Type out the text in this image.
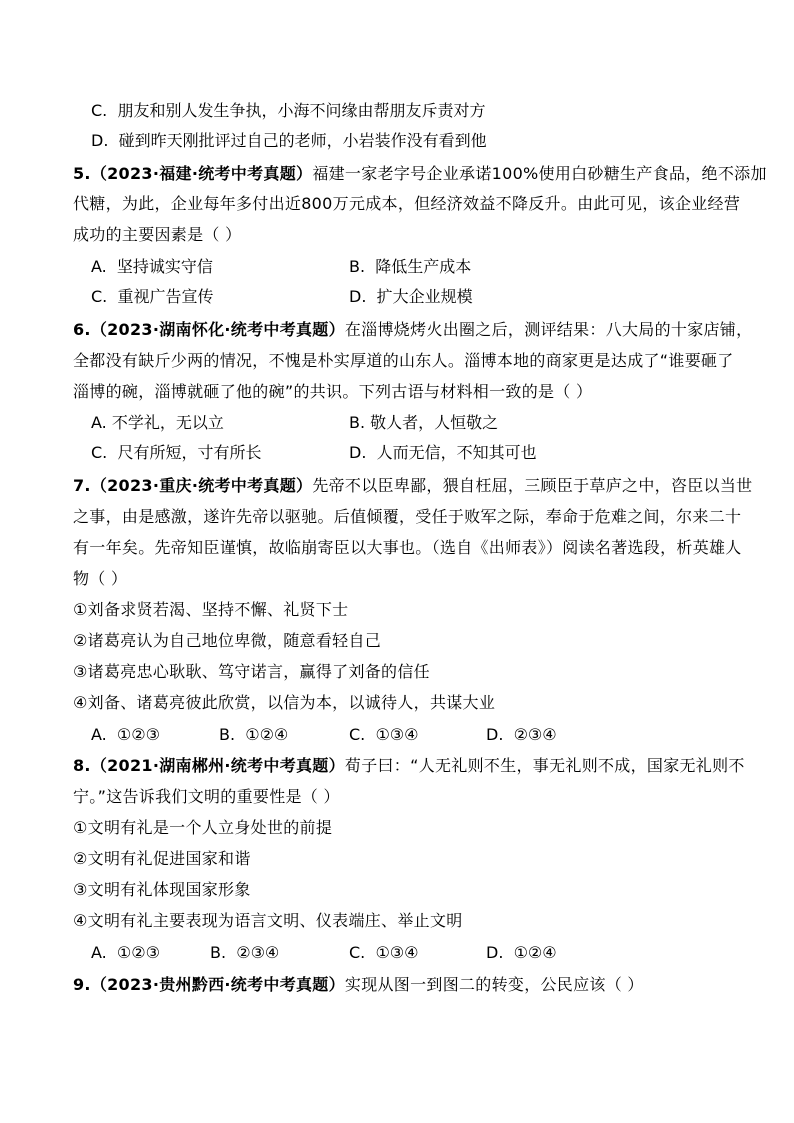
C. 朋友和别人发生争执，小海不问缘由帮朋友斥责对方
D. 碰到昨天刚批评过自己的老师，小岩装作没有看到他
5.（2023·福建·统考中考真题）福建一家老字号企业承诺100%使用白砂糖生产食品，绝不添加
代糖，为此，企业每年多付出近800万元成本，但经济效益不降反升。由此可见，该企业经营
成功的主要因素是（ ）
A. 坚持诚实守信	B. 降低生产成本
C. 重视广告宣传	D. 扩大企业规模
6.（2023·湖南怀化·统考中考真题）在淄博烧烤火出圈之后，测评结果：八大局的十家店铺，
全都没有缺斤少两的情况，不愧是朴实厚道的山东人。淄博本地的商家更是达成了“谁要砸了
淄博的碗，淄博就砸了他的碗”的共识。下列古语与材料相一致的是（ ）
A. 不学礼，无以立	B. 敬人者，人恒敬之
C. 尺有所短，寸有所长	D. 人而无信，不知其可也
7.（2023·重庆·统考中考真题）先帝不以臣卑鄙，猥自枉屈，三顾臣于草庐之中，咨臣以当世
之事，由是感激，遂许先帝以驱驰。后值倾覆，受任于败军之际，奉命于危难之间，尔来二十
有一年矣。先帝知臣谨慎，故临崩寄臣以大事也。（选自《出师表》）阅读名著选段，析英雄人
物（ ）
①刘备求贤若渴、坚持不懈、礼贤下士
②诸葛亮认为自己地位卑微，随意看轻自己
③诸葛亮忠心耿耿、笃守诺言，赢得了刘备的信任
④刘备、诸葛亮彼此欣赏，以信为本，以诚待人，共谋大业
A. ①②③	B. ①②④	C. ①③④	D. ②③④
8.（2021·湖南郴州·统考中考真题）荀子曰：“人无礼则不生，事无礼则不成，国家无礼则不
宁。”这告诉我们文明的重要性是（ ）
①文明有礼是一个人立身处世的前提
②文明有礼促进国家和谐
③文明有礼体现国家形象
④文明有礼主要表现为语言文明、仪表端庄、举止文明
A. ①②③	B. ②③④	C. ①③④	D. ①②④
9.（2023·贵州黔西·统考中考真题）实现从图一到图二的转变，公民应该（ ）
